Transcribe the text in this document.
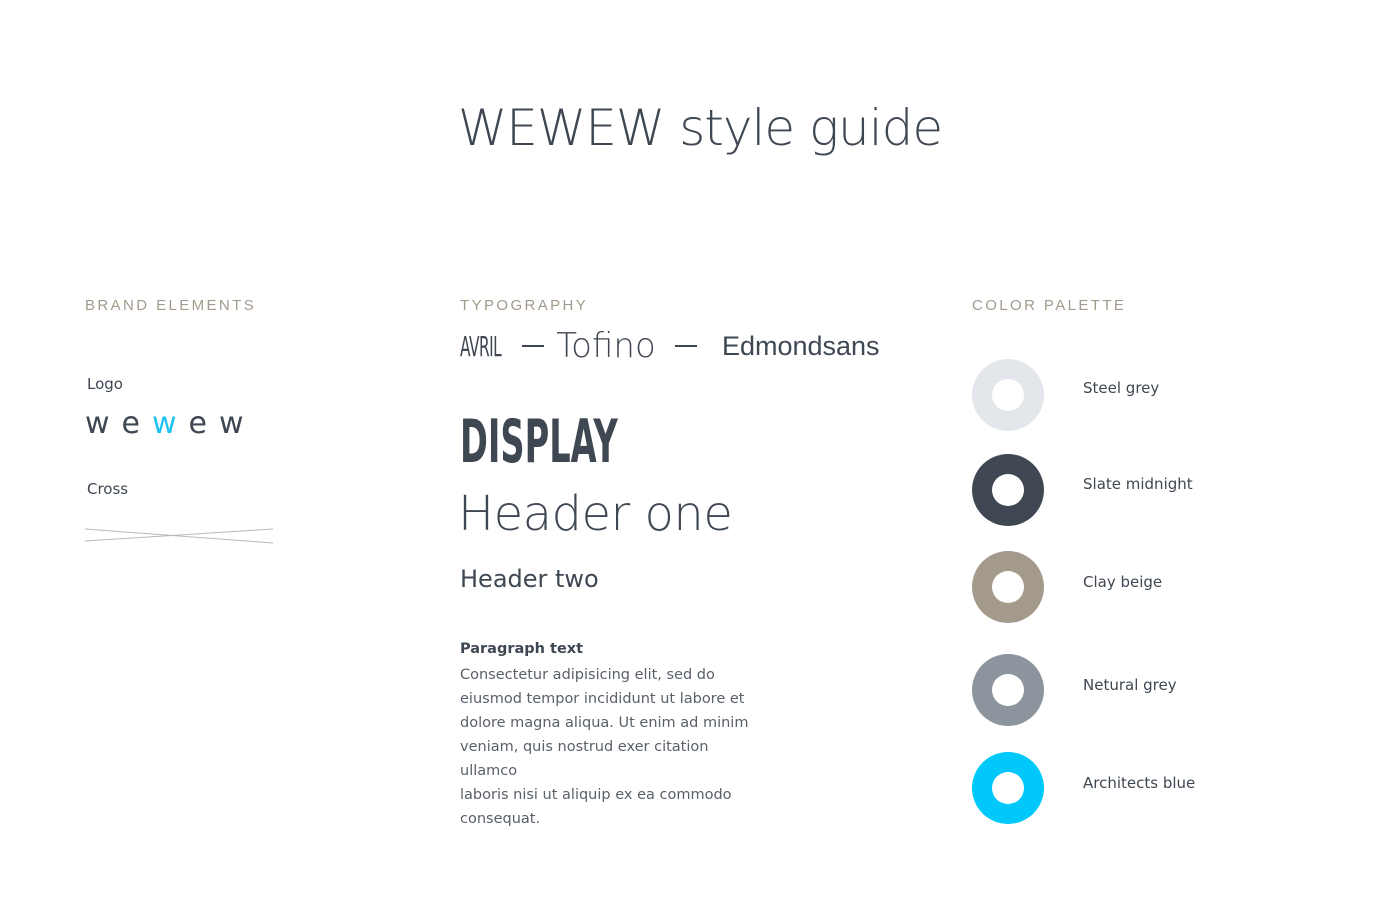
WEWEW style guide
BRAND ELEMENTS
Logo
wewew
Cross
TYPOGRAPHY
AVRIL Tofino Edmondsans
DISPLAY
Header one
Header two
Paragraph text
Consectetur adipisicing elit, sed do
eiusmod tempor incididunt ut labore et
dolore magna aliqua. Ut enim ad minim
veniam, quis nostrud exer citation ullamco
laboris nisi ut aliquip ex ea commodo
consequat.
COLOR PALETTE
Steel grey
Slate midnight
Clay beige
Netural grey
Architects blue
